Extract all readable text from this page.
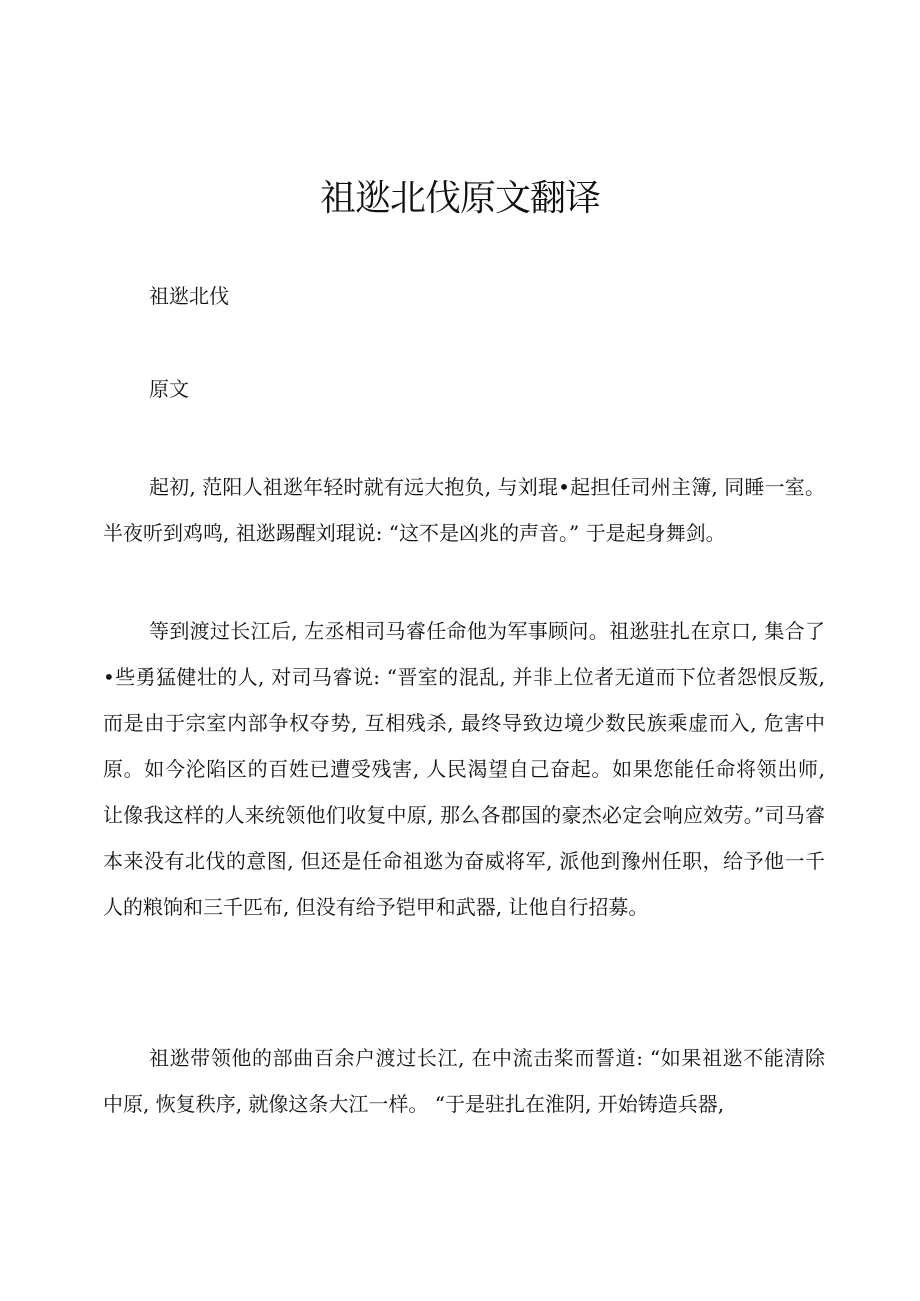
祖逖北伐原文翻译

祖逖北伐

原文

起初, 范阳人祖逖年轻时就有远大抱负, 与刘琨•起担任司州主簿, 同睡一室。半夜听到鸡鸣, 祖逖踢醒刘琨说: “这不是凶兆的声音。” 于是起身舞剑。

等到渡过长江后, 左丞相司马睿任命他为军事顾问。祖逖驻扎在京口, 集合了•些勇猛健壮的人, 对司马睿说: “晋室的混乱, 并非上位者无道而下位者怨恨反叛, 而是由于宗室内部争权夺势, 互相残杀, 最终导致边境少数民族乘虚而入, 危害中原。如今沦陷区的百姓已遭受残害, 人民渴望自己奋起。如果您能任命将领出师, 让像我这样的人来统领他们收复中原, 那么各郡国的豪杰必定会响应效劳。”司马睿本来没有北伐的意图, 但还是任命祖逖为奋威将军, 派他到豫州任职，给予他一千人的粮饷和三千匹布, 但没有给予铠甲和武器, 让他自行招募。

祖逖带领他的部曲百余户渡过长江, 在中流击桨而誓道: “如果祖逖不能清除中原, 恢复秩序, 就像这条大江一样。 “于是驻扎在淮阴, 开始铸造兵器,
